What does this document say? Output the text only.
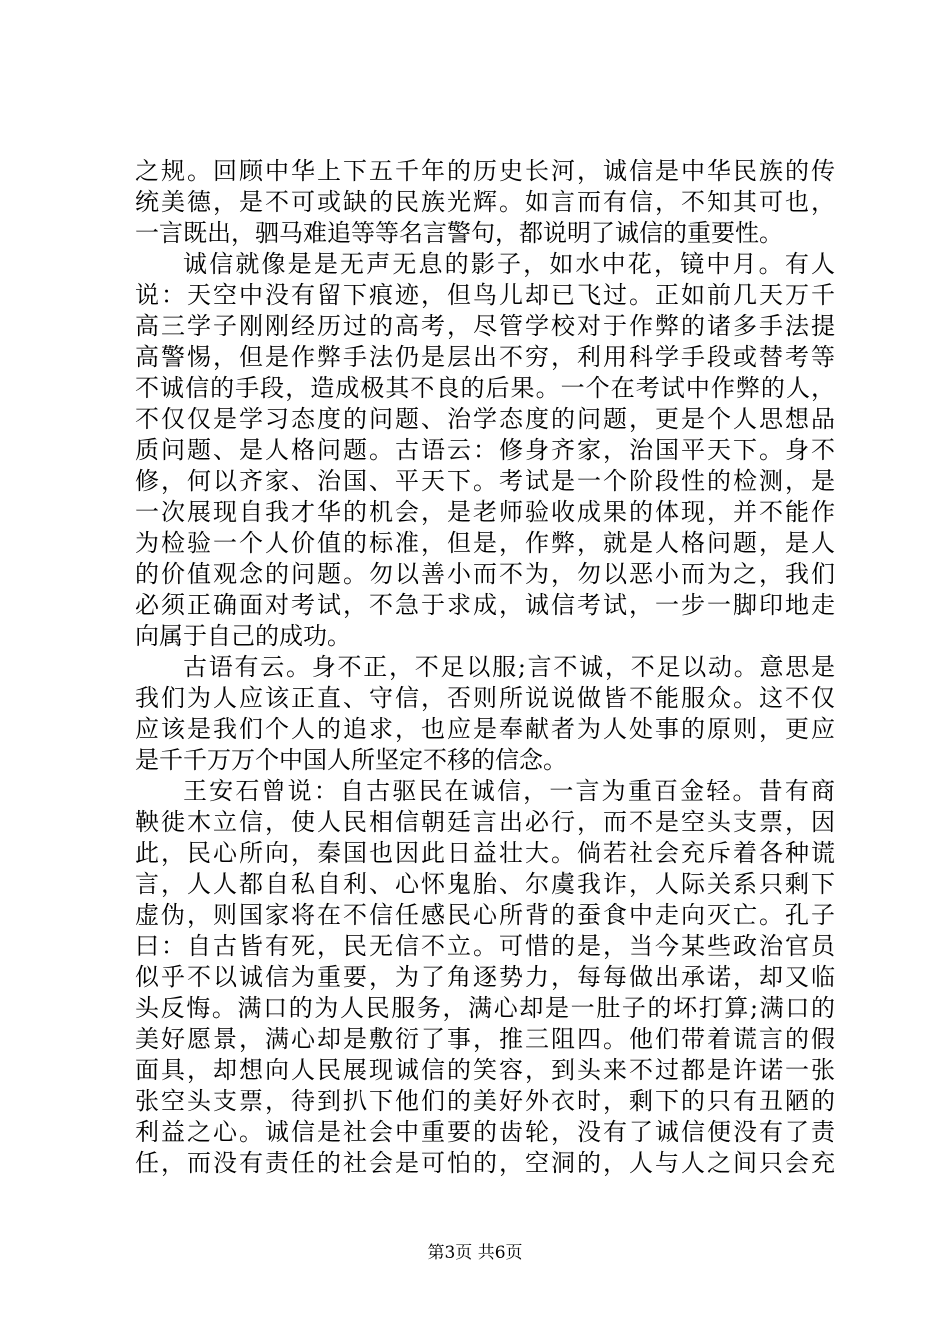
之规。回顾中华上下五千年的历史长河，诚信是中华民族的传
统美德，是不可或缺的民族光辉。如言而有信，不知其可也，
一言既出，驷马难追等等名言警句，都说明了诚信的重要性。
诚信就像是是无声无息的影子，如水中花，镜中月。有人
说：天空中没有留下痕迹，但鸟儿却已飞过。正如前几天万千
高三学子刚刚经历过的高考，尽管学校对于作弊的诸多手法提
高警惕，但是作弊手法仍是层出不穷，利用科学手段或替考等
不诚信的手段，造成极其不良的后果。一个在考试中作弊的人，
不仅仅是学习态度的问题、治学态度的问题，更是个人思想品
质问题、是人格问题。古语云：修身齐家，治国平天下。身不
修，何以齐家、治国、平天下。考试是一个阶段性的检测，是
一次展现自我才华的机会，是老师验收成果的体现，并不能作
为检验一个人价值的标准，但是，作弊，就是人格问题，是人
的价值观念的问题。勿以善小而不为，勿以恶小而为之，我们
必须正确面对考试，不急于求成，诚信考试，一步一脚印地走
向属于自己的成功。
古语有云。身不正，不足以服;言不诚，不足以动。意思是
我们为人应该正直、守信，否则所说说做皆不能服众。这不仅
应该是我们个人的追求，也应是奉献者为人处事的原则，更应
是千千万万个中国人所坚定不移的信念。
王安石曾说：自古驱民在诚信，一言为重百金轻。昔有商
鞅徙木立信，使人民相信朝廷言出必行，而不是空头支票，因
此，民心所向，秦国也因此日益壮大。倘若社会充斥着各种谎
言，人人都自私自利、心怀鬼胎、尔虞我诈，人际关系只剩下
虚伪，则国家将在不信任感民心所背的蚕食中走向灭亡。孔子
曰：自古皆有死，民无信不立。可惜的是，当今某些政治官员
似乎不以诚信为重要，为了角逐势力，每每做出承诺，却又临
头反悔。满口的为人民服务，满心却是一肚子的坏打算;满口的
美好愿景，满心却是敷衍了事，推三阻四。他们带着谎言的假
面具，却想向人民展现诚信的笑容，到头来不过都是许诺一张
张空头支票，待到扒下他们的美好外衣时，剩下的只有丑陋的
利益之心。诚信是社会中重要的齿轮，没有了诚信便没有了责
任，而没有责任的社会是可怕的，空洞的，人与人之间只会充
第3页 共6页
